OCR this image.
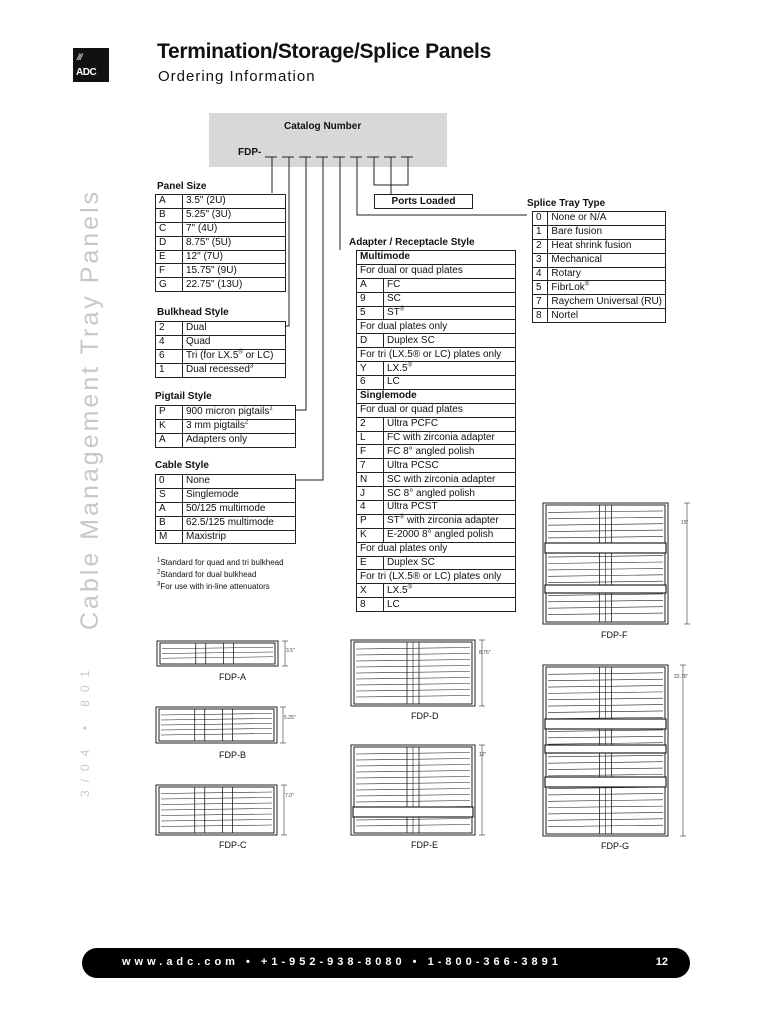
///
ADC
Termination/Storage/Splice Panels
Ordering Information
Cable Management Tray Panels
3/04 • 801
Catalog Number
FDP-
Ports Loaded
Panel Size
A	3.5" (2U)
B	5.25" (3U)
C	7" (4U)
D	8.75" (5U)
E	12" (7U)
F	15.75" (9U)
G	22.75" (13U)
Bulkhead Style
2	Dual
4	Quad
6	Tri (for LX.5® or LC)
1	Dual recessed$^3$
Pigtail Style
P	900 micron pigtails$^1$
K	3 mm pigtails$^2$
A	Adapters only
Cable Style
0	None
S	Singlemode
A	50/125 multimode
B	62.5/125 multimode
M	Maxistrip
$^1$Standard for quad and tri bulkhead
$^2$Standard for dual bulkhead
$^3$For use with in-line attenuators
Adapter / Receptacle Style
Multimode	
For dual or quad plates	
A	FC
9	SC
5	ST®
For dual plates only	
D	Duplex SC
For tri (LX.5® or LC) plates only	
Y	LX.5®
6	LC
Singlemode	
For dual or quad plates	
2	Ultra PCFC
L	FC with zirconia adapter
F	FC 8° angled polish
7	Ultra PCSC
N	SC with zirconia adapter
J	SC 8° angled polish
4	Ultra PCST
P	ST® with zirconia adapter
K	E-2000 8° angled polish
For dual plates only	
E	Duplex SC
For tri (LX.5® or LC) plates only	
X	LX.5®
8	LC
Splice Tray Type
0	None or N/A
1	Bare fusion
2	Heat shrink fusion
3	Mechanical
4	Rotary
5	FibrLok®
7	Raychem Universal (RU)
8	Nortel
FDP-A
FDP-B
FDP-C
FDP-D
FDP-E
FDP-F
FDP-G
3.5"
5.25"
7.0"
8.75"
12"
15"
22.75"
www.adc.com • +1-952-938-8080 • 1-800-366-3891	12
